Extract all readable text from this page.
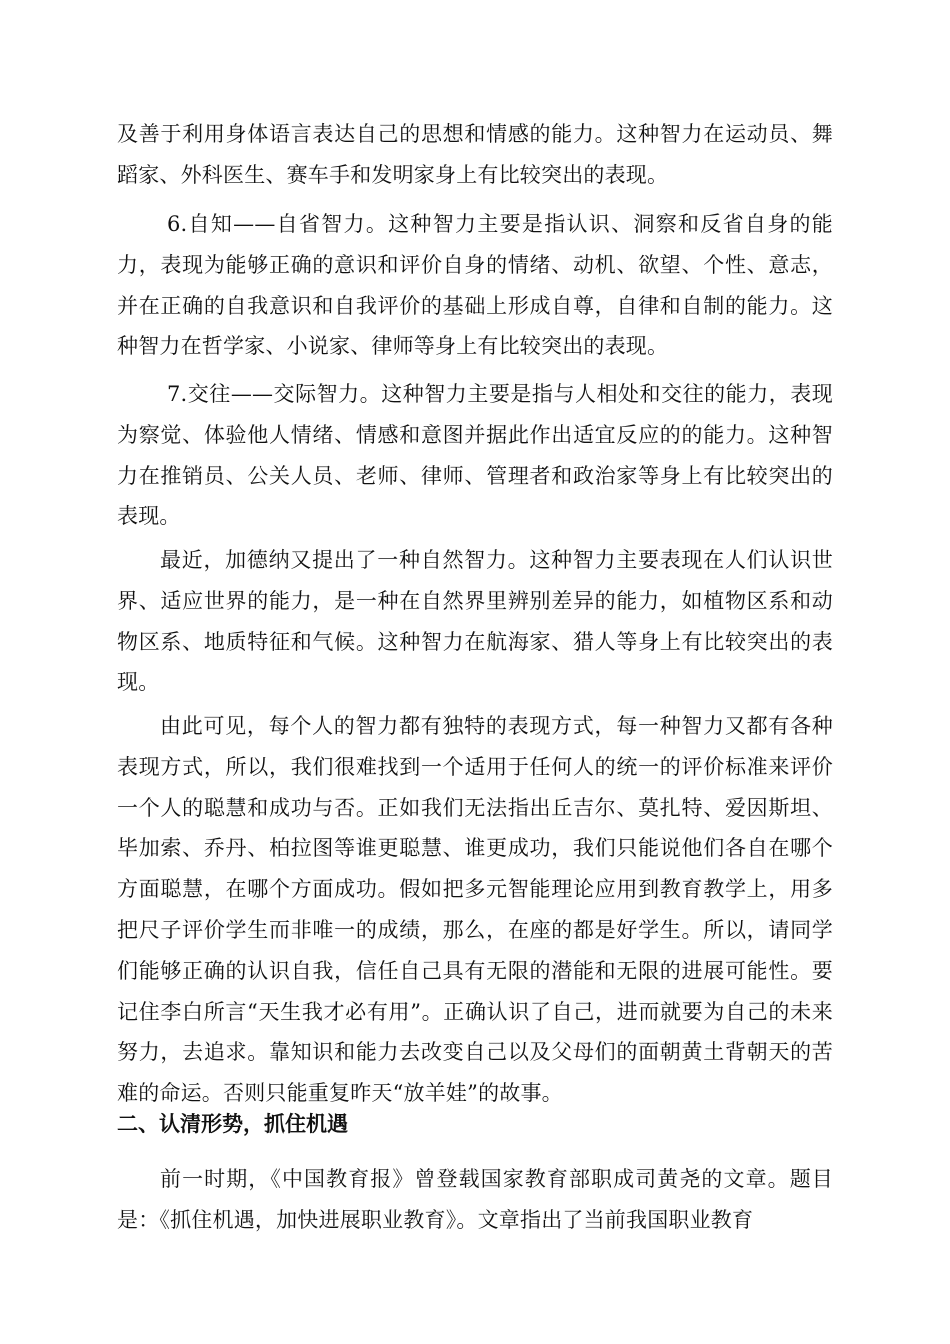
及善于利用身体语言表达自己的思想和情感的能力。这种智力在运动员、舞蹈家、外科医生、赛车手和发明家身上有比较突出的表现。

6.自知——自省智力。这种智力主要是指认识、洞察和反省自身的能力，表现为能够正确的意识和评价自身的情绪、动机、欲望、个性、意志，并在正确的自我意识和自我评价的基础上形成自尊，自律和自制的能力。这种智力在哲学家、小说家、律师等身上有比较突出的表现。

7.交往——交际智力。这种智力主要是指与人相处和交往的能力，表现为察觉、体验他人情绪、情感和意图并据此作出适宜反应的的能力。这种智力在推销员、公关人员、老师、律师、管理者和政治家等身上有比较突出的表现。

最近，加德纳又提出了一种自然智力。这种智力主要表现在人们认识世界、适应世界的能力，是一种在自然界里辨别差异的能力，如植物区系和动物区系、地质特征和气候。这种智力在航海家、猎人等身上有比较突出的表现。

由此可见，每个人的智力都有独特的表现方式，每一种智力又都有各种表现方式，所以，我们很难找到一个适用于任何人的统一的评价标准来评价一个人的聪慧和成功与否。正如我们无法指出丘吉尔、莫扎特、爱因斯坦、毕加索、乔丹、柏拉图等谁更聪慧、谁更成功，我们只能说他们各自在哪个方面聪慧，在哪个方面成功。假如把多元智能理论应用到教育教学上，用多把尺子评价学生而非唯一的成绩，那么，在座的都是好学生。所以，请同学们能够正确的认识自我，信任自己具有无限的潜能和无限的进展可能性。要记住李白所言“天生我才必有用”。正确认识了自己，进而就要为自己的未来努力，去追求。靠知识和能力去改变自己以及父母们的面朝黄土背朝天的苦难的命运。否则只能重复昨天“放羊娃”的故事。

二、认清形势，抓住机遇

前一时期，《中国教育报》曾登载国家教育部职成司黄尧的文章。题目是：《抓住机遇，加快进展职业教育》。文章指出了当前我国职业教育
